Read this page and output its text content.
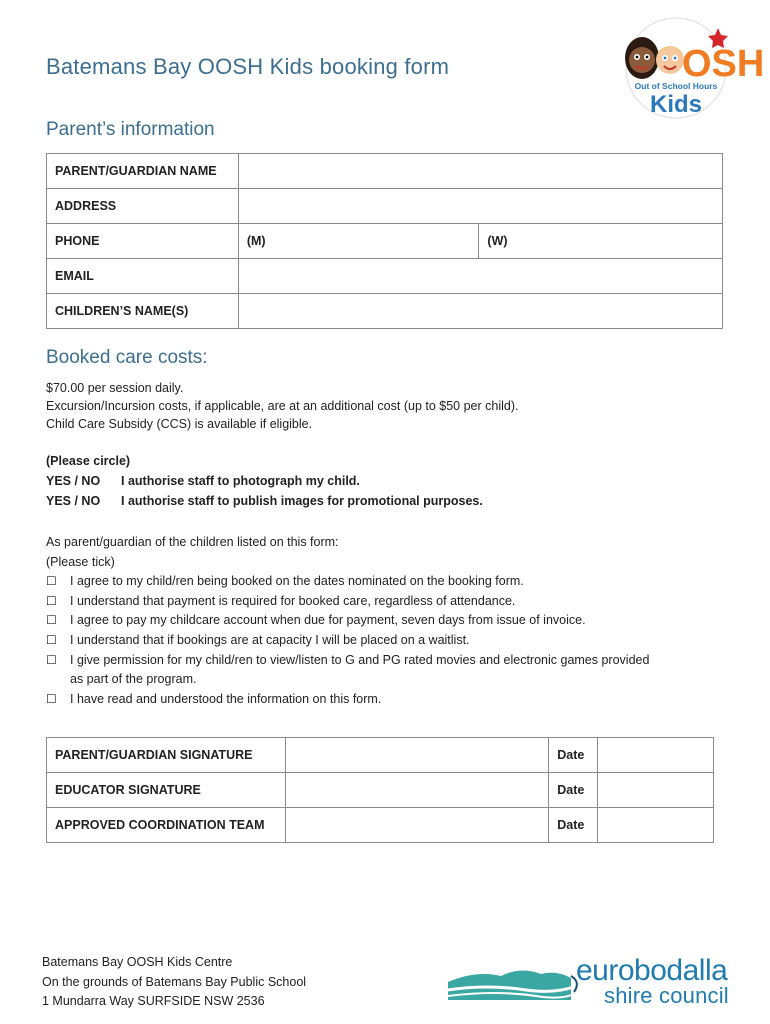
Batemans Bay OOSH Kids booking form	OSH
Out of School Hours
Kids
Parent’s information
PARENT/GUARDIAN NAME		
ADDRESS		
PHONE	(M)	(W)
EMAIL		
CHILDREN’S NAME(S)		
Booked care costs:

$70.00 per session daily.

Excursion/Incursion costs, if applicable, are at an additional cost (up to $50 per child).

Child Care Subsidy (CCS) is available if eligible.

(Please circle)

YES / NO I authorise staff to photograph my child.

YES / NO I authorise staff to publish images for promotional purposes.

As parent/guardian of the children listed on this form:

(Please tick)

☐	I agree to my child/ren being booked on the dates nominated on the booking form.
☐	I understand that payment is required for booked care, regardless of attendance.
☐	I agree to pay my childcare account when due for payment, seven days from issue of invoice.
☐	I understand that if bookings are at capacity I will be placed on a waitlist.
☐	I give permission for my child/ren to view/listen to G and PG rated movies and electronic games provided as part of the program.
☐	I have read and understood the information on this form.
PARENT/GUARDIAN SIGNATURE		Date	
EDUCATOR SIGNATURE		Date	
APPROVED COORDINATION TEAM		Date	

Batemans Bay OOSH Kids Centre

On the grounds of Batemans Bay Public School

1 Mundarra Way SURFSIDE NSW 2536

eurobodalla
shire council
